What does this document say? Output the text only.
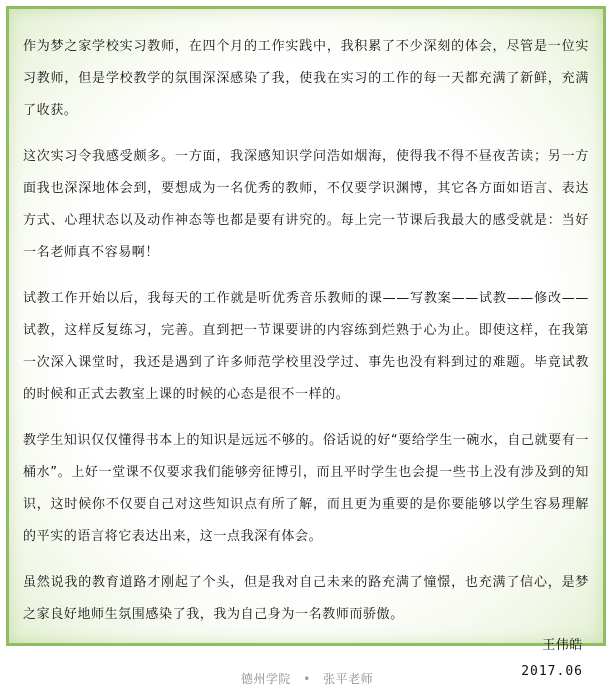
作为梦之家学校实习教师，在四个月的工作实践中，我积累了不少深刻的体会，尽管是一位实习教师，但是学校教学的氛围深深感染了我，使我在实习的工作的每一天都充满了新鲜，充满了收获。

这次实习令我感受颇多。一方面，我深感知识学问浩如烟海，使得我不得不昼夜苦读；另一方面我也深深地体会到，要想成为一名优秀的教师，不仅要学识渊博，其它各方面如语言、表达方式、心理状态以及动作神态等也都是要有讲究的。每上完一节课后我最大的感受就是：当好一名老师真不容易啊！

试教工作开始以后，我每天的工作就是听优秀音乐教师的课——写教案——试教——修改——试教，这样反复练习，完善。直到把一节课要讲的内容练到烂熟于心为止。即使这样，在我第一次深入课堂时，我还是遇到了许多师范学校里没学过、事先也没有料到过的难题。毕竟试教的时候和正式去教室上课的时候的心态是很不一样的。

教学生知识仅仅懂得书本上的知识是远远不够的。俗话说的好“要给学生一碗水，自己就要有一桶水”。上好一堂课不仅要求我们能够旁征博引，而且平时学生也会提一些书上没有涉及到的知识，这时候你不仅要自己对这些知识点有所了解，而且更为重要的是你要能够以学生容易理解的平实的语言将它表达出来，这一点我深有体会。

虽然说我的教育道路才刚起了个头，但是我对自己未来的路充满了憧憬，也充满了信心，是梦之家良好地师生氛围感染了我，我为自己身为一名教师而骄傲。

王伟皓

2017.06

德州学院 • 张平老师
